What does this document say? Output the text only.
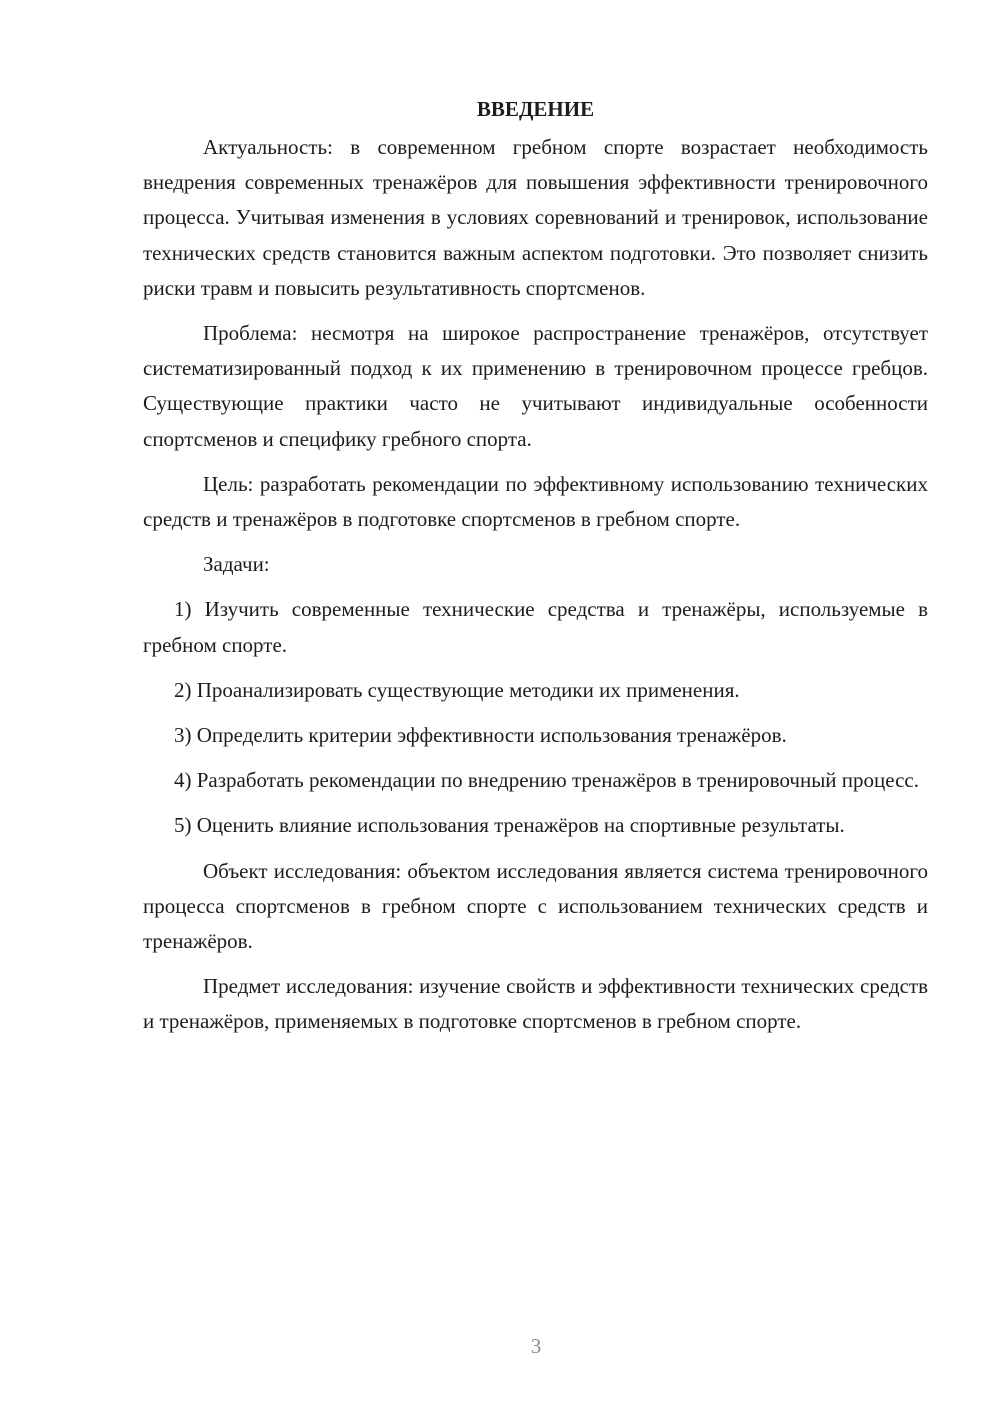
ВВЕДЕНИЕ

Актуальность: в современном гребном спорте возрастает необходимость внедрения современных тренажёров для повышения эффективности тренировочного процесса. Учитывая изменения в условиях соревнований и тренировок, использование технических средств становится важным аспектом подготовки. Это позволяет снизить риски травм и повысить результативность спортсменов.

Проблема: несмотря на широкое распространение тренажёров, отсутствует систематизированный подход к их применению в тренировочном процессе гребцов. Существующие практики часто не учитывают индивидуальные особенности спортсменов и специфику гребного спорта.

Цель: разработать рекомендации по эффективному использованию технических средств и тренажёров в подготовке спортсменов в гребном спорте.

Задачи:

1) Изучить современные технические средства и тренажёры, используемые в гребном спорте.

2) Проанализировать существующие методики их применения.

3) Определить критерии эффективности использования тренажёров.

4) Разработать рекомендации по внедрению тренажёров в тренировочный процесс.

5) Оценить влияние использования тренажёров на спортивные результаты.

Объект исследования: объектом исследования является система тренировочного процесса спортсменов в гребном спорте с использованием технических средств и тренажёров.

Предмет исследования: изучение свойств и эффективности технических средств и тренажёров, применяемых в подготовке спортсменов в гребном спорте.

3
